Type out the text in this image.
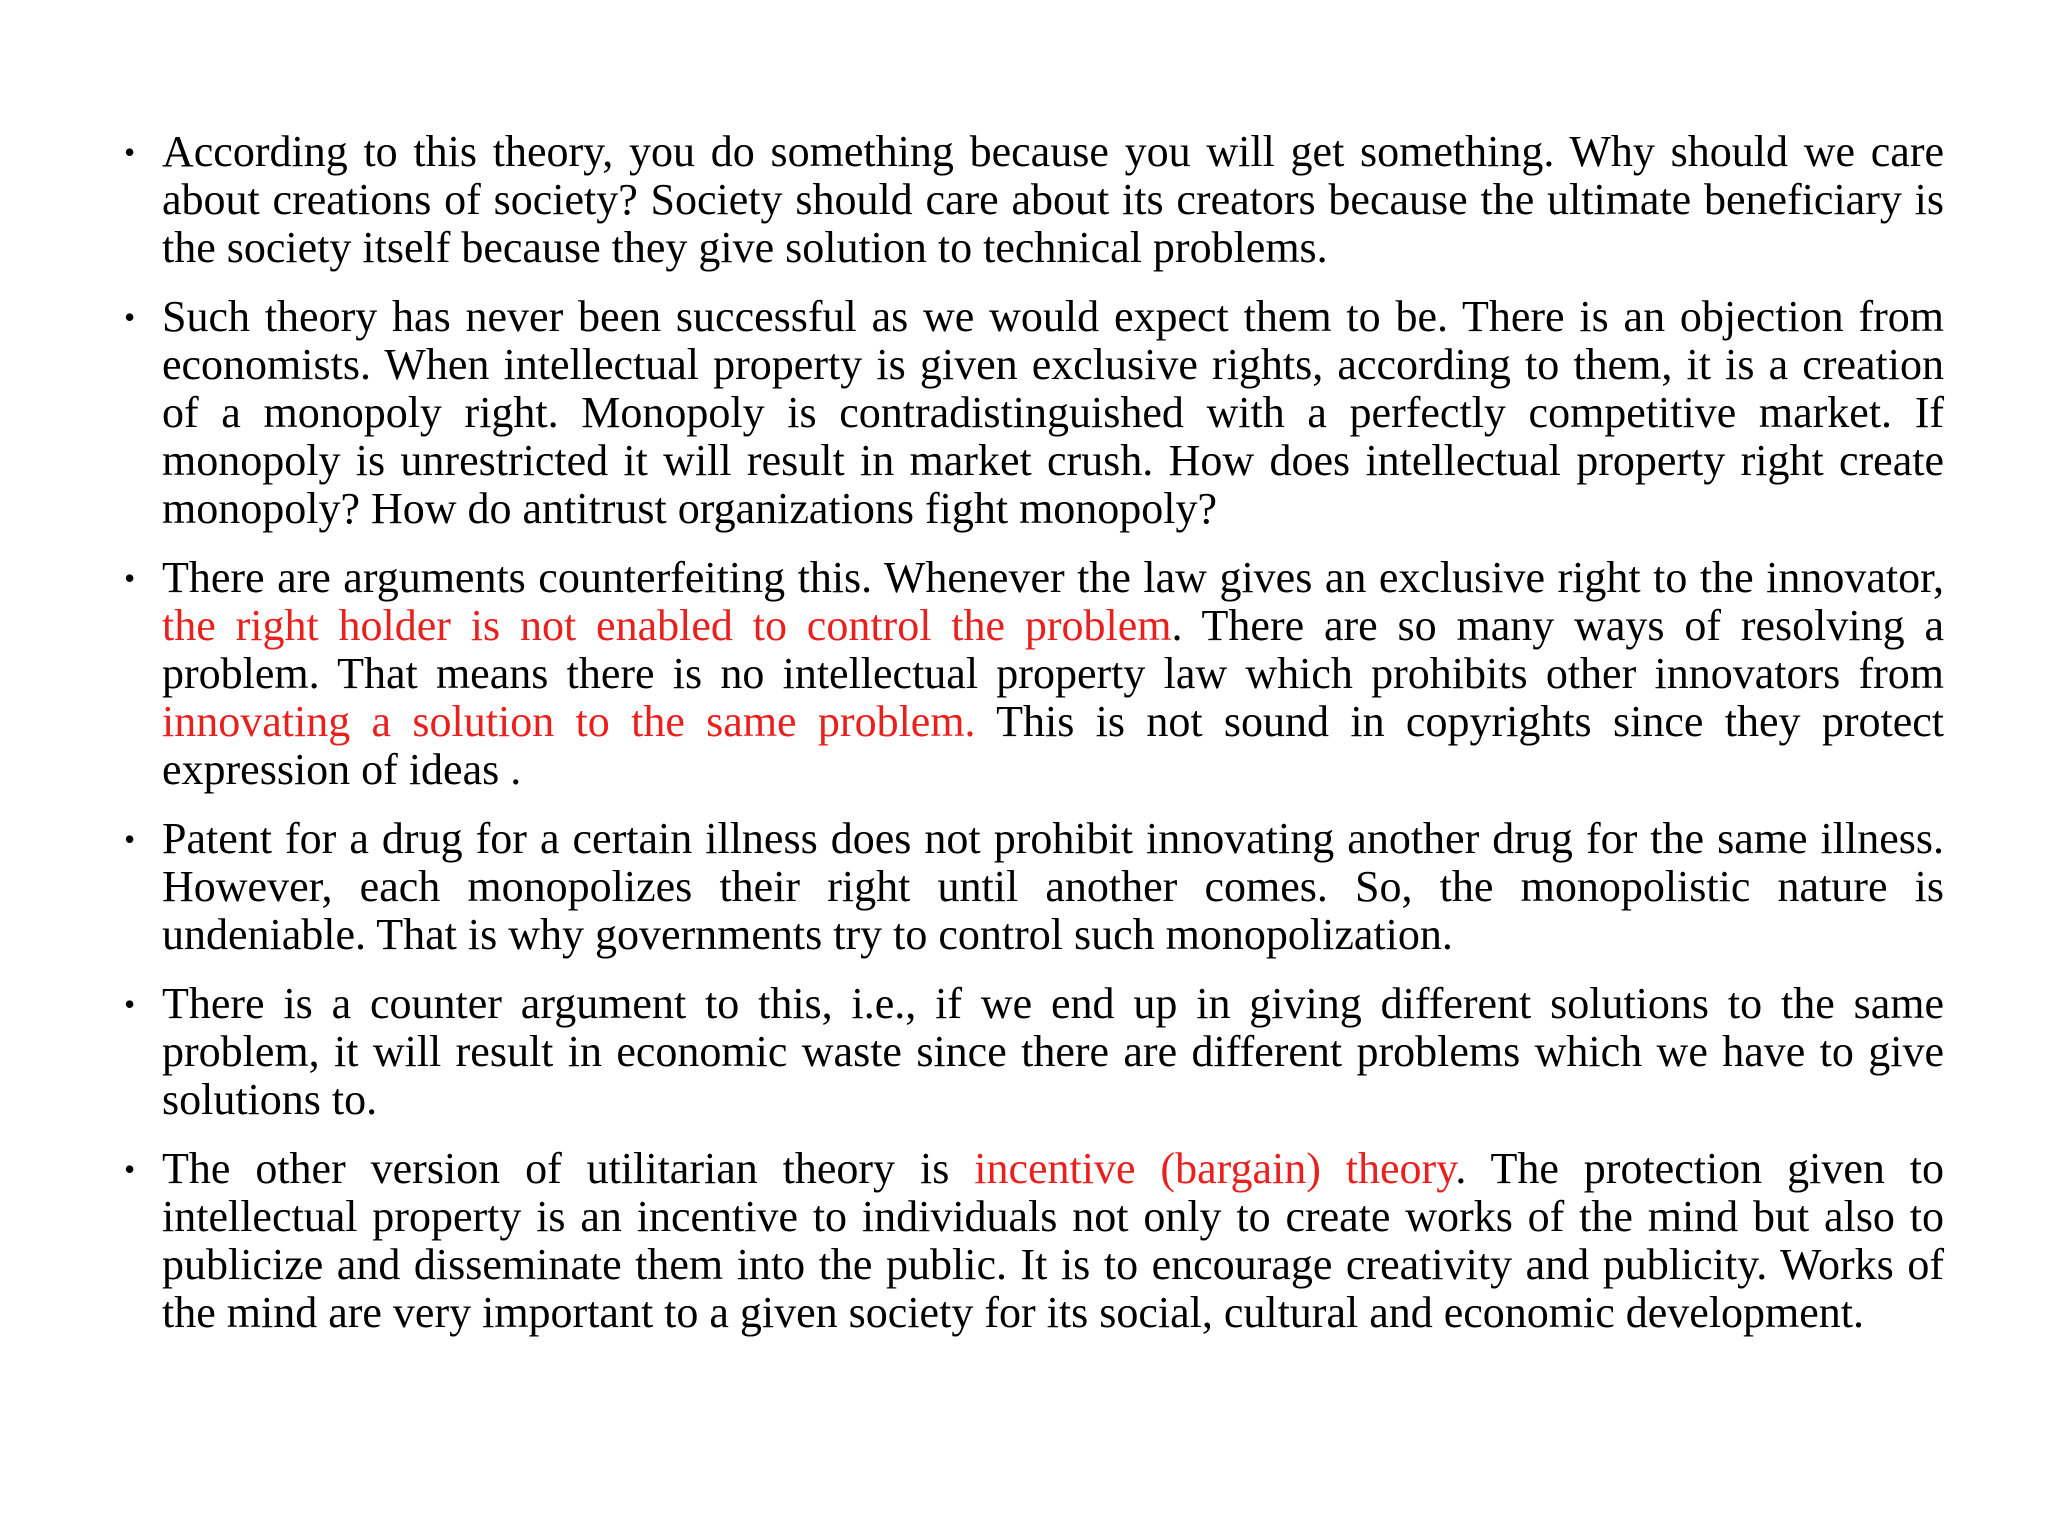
• According to this theory, you do something because you will get something. Why should we care about creations of society? Society should care about its creators because the ultimate beneficiary is the society itself because they give solution to technical problems.
• Such theory has never been successful as we would expect them to be. There is an objection from economists. When intellectual property is given exclusive rights, according to them, it is a creation of a monopoly right. Monopoly is contradistinguished with a perfectly competitive market. If monopoly is unrestricted it will result in market crush. How does intellectual property right create monopoly? How do antitrust organizations fight monopoly?
• There are arguments counterfeiting this. Whenever the law gives an exclusive right to the innovator, the right holder is not enabled to control the problem. There are so many ways of resolving a problem. That means there is no intellectual property law which prohibits other innovators from innovating a solution to the same problem. This is not sound in copyrights since they protect expression of ideas .
• Patent for a drug for a certain illness does not prohibit innovating another drug for the same illness. However, each monopolizes their right until another comes. So, the monopolistic nature is undeniable. That is why governments try to control such monopolization.
• There is a counter argument to this, i.e., if we end up in giving different solutions to the same problem, it will result in economic waste since there are different problems which we have to give solutions to.
• The other version of utilitarian theory is incentive (bargain) theory. The protection given to intellectual property is an incentive to individuals not only to create works of the mind but also to publicize and disseminate them into the public. It is to encourage creativity and publicity. Works of the mind are very important to a given society for its social, cultural and economic development.
